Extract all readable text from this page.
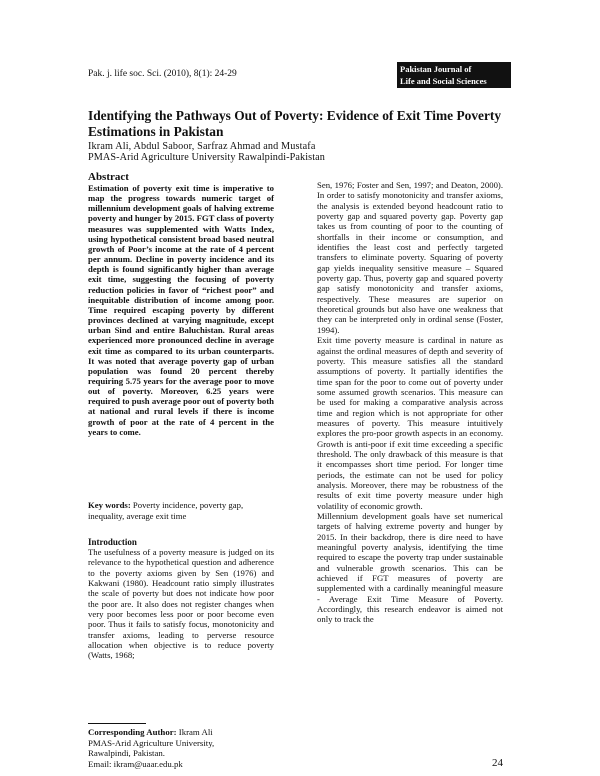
Pak. j. life soc. Sci. (2010), 8(1): 24-29	Pakistan Journal of
Life and Social Sciences
Identifying the Pathways Out of Poverty: Evidence of Exit Time Poverty Estimations in Pakistan
Ikram Ali, Abdul Saboor, Sarfraz Ahmad and Mustafa
PMAS-Arid Agriculture University Rawalpindi-Pakistan
Abstract
Estimation of poverty exit time is imperative to map the progress towards numeric target of millennium development goals of halving extreme poverty and hunger by 2015. FGT class of poverty measures was supplemented with Watts Index, using hypothetical consistent broad based neutral growth of Poor’s income at the rate of 4 percent per annum. Decline in poverty incidence and its depth is found significantly higher than average exit time, suggesting the focusing of poverty reduction policies in favor of “richest poor” and inequitable distribution of income among poor. Time required escaping poverty by different provinces declined at varying magnitude, except urban Sind and entire Baluchistan. Rural areas experienced more pronounced decline in average exit time as compared to its urban counterparts. It was noted that average poverty gap of urban population was found 20 percent thereby requiring 5.75 years for the average poor to move out of poverty. Moreover, 6.25 years were required to push average poor out of poverty both at national and rural levels if there is income growth of poor at the rate of 4 percent in the years to come.
Key words: Poverty incidence, poverty gap, inequality, average exit time
Introduction
The usefulness of a poverty measure is judged on its relevance to the hypothetical question and adherence to the poverty axioms given by Sen (1976) and Kakwani (1980). Headcount ratio simply illustrates the scale of poverty but does not indicate how poor the poor are. It also does not register changes when very poor becomes less poor or poor become even poor. Thus it fails to satisfy focus, monotonicity and transfer axioms, leading to perverse resource allocation when objective is to reduce poverty (Watts, 1968;
Corresponding Author: Ikram Ali
PMAS-Arid Agriculture University,
Rawalpindi, Pakistan.
Email: ikram@uaar.edu.pk

Sen, 1976; Foster and Sen, 1997; and Deaton, 2000). In order to satisfy monotonicity and transfer axioms, the analysis is extended beyond headcount ratio to poverty gap and squared poverty gap. Poverty gap takes us from counting of poor to the counting of shortfalls in their income or consumption, and identifies the least cost and perfectly targeted transfers to eliminate poverty. Squaring of poverty gap yields inequality sensitive measure – Squared poverty gap. Thus, poverty gap and squared poverty gap satisfy monotonicity and transfer axioms, respectively. These measures are superior on theoretical grounds but also have one weakness that they can be interpreted only in ordinal sense (Foster, 1994).

Exit time poverty measure is cardinal in nature as against the ordinal measures of depth and severity of poverty. This measure satisfies all the standard assumptions of poverty. It partially identifies the time span for the poor to come out of poverty under some assumed growth scenarios. This measure can be used for making a comparative analysis across time and region which is not appropriate for other measures of poverty. This measure intuitively explores the pro-poor growth aspects in an economy. Growth is anti-poor if exit time exceeding a specific threshold. The only drawback of this measure is that it encompasses short time period. For longer time periods, the estimate can not be used for policy analysis. Moreover, there may be robustness of the results of exit time poverty measure under high volatility of economic growth.

Millennium development goals have set numerical targets of halving extreme poverty and hunger by 2015. In their backdrop, there is dire need to have meaningful poverty analysis, identifying the time required to escape the poverty trap under sustainable and vulnerable growth scenarios. This can be achieved if FGT measures of poverty are supplemented with a cardinally meaningful measure - Average Exit Time Measure of Poverty. Accordingly, this research endeavor is aimed not only to track the

24
